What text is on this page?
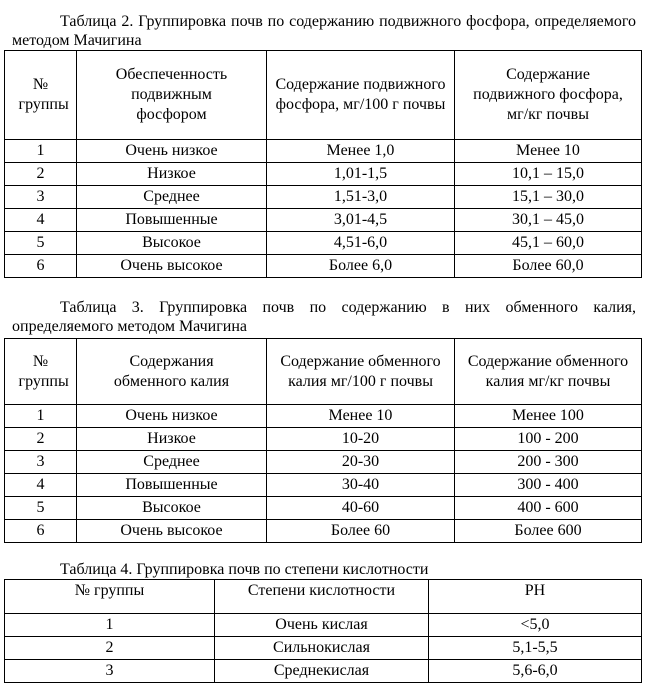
Таблица 2. Группировка почв по содержанию подвижного фосфора, определяемого методом Мачигина
№ группы	Обеспеченность подвижным фосфором	Содержание подвижного фосфора, мг/100 г почвы	Содержание подвижного фосфора, мг/кг почвы

1	Очень низкое	Менее 1,0	Менее 10
2	Низкое	1,01-1,5	10,1 – 15,0
3	Среднее	1,51-3,0	15,1 – 30,0
4	Повышенные	3,01-4,5	30,1 – 45,0
5	Высокое	4,51-6,0	45,1 – 60,0
6	Очень высокое	Более 6,0	Более 60,0
Таблица 3. Группировка почв по содержанию в них обменного калия, определяемого методом Мачигина
№ группы	Содержания обменного калия	Содержание обменного калия мг/100 г почвы	Содержание обменного калия мг/кг почвы

1	Очень низкое	Менее 10	Менее 100
2	Низкое	10-20	100 - 200
3	Среднее	20-30	200 - 300
4	Повышенные	30-40	300 - 400
5	Высокое	40-60	400 - 600
6	Очень высокое	Более 60	Более 600
Таблица 4. Группировка почв по степени кислотности
№ группы	Степени кислотности	PH
1	Очень кислая	<5,0
2	Сильнокислая	5,1-5,5
3	Среднекислая	5,6-6,0
